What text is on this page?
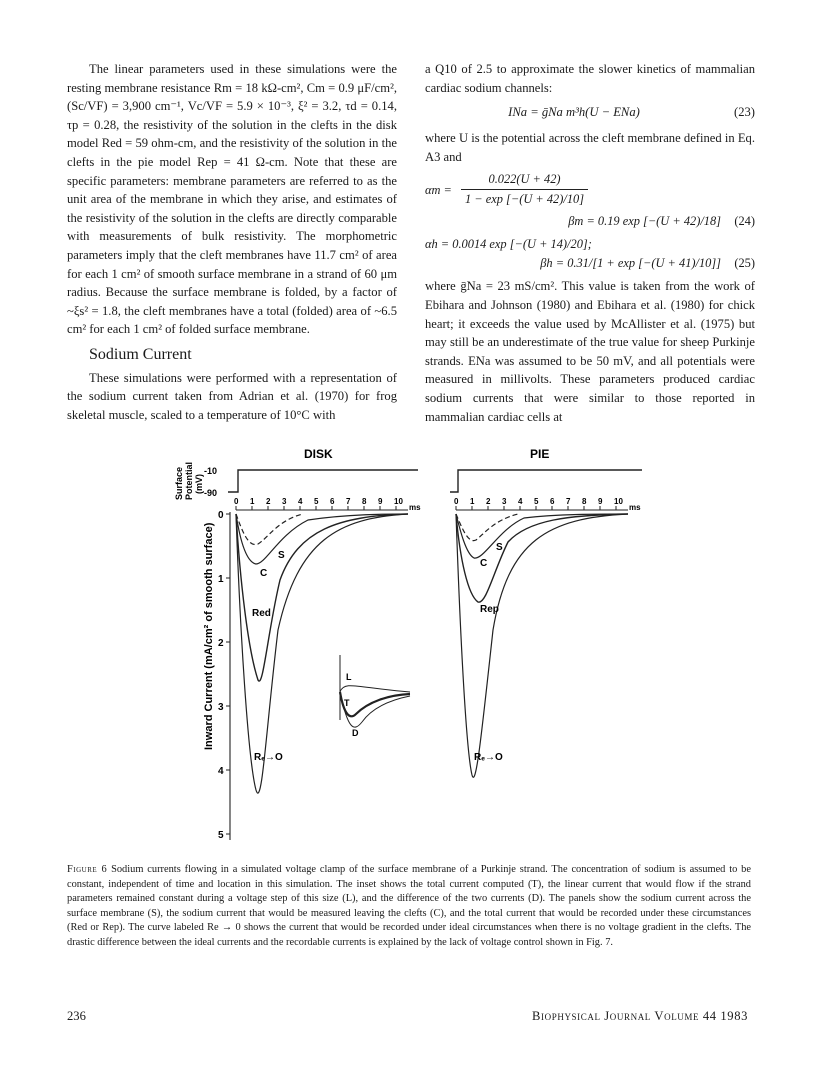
The linear parameters used in these simulations were the resting membrane resistance Rm = 18 kΩ-cm², Cm = 0.9 μF/cm², (Sc/VF) = 3,900 cm⁻¹, Vc/VF = 5.9 × 10⁻³, ξ² = 3.2, τd = 0.14, τp = 0.28, the resistivity of the solution in the clefts in the disk model Red = 59 ohm-cm, and the resistivity of the solution in the clefts in the pie model Rep = 41 Ω-cm. Note that these are specific parameters: membrane parameters are referred to as the unit area of the membrane in which they arise, and estimates of the resistivity of the solution in the clefts are directly comparable with measurements of bulk resistivity. The morphometric parameters imply that the cleft membranes have 11.7 cm² of area for each 1 cm² of smooth surface membrane in a strand of 60 μm radius. Because the surface membrane is folded, by a factor of ~ξs² = 1.8, the cleft membranes have a total (folded) area of ~6.5 cm² for each 1 cm² of folded surface membrane.

Sodium Current

These simulations were performed with a representation of the sodium current taken from Adrian et al. (1970) for frog skeletal muscle, scaled to a temperature of 10°C with

a Q10 of 2.5 to approximate the slower kinetics of mammalian cardiac sodium channels:

INa = ḡNa m³h(U − ENa)	(23)

where U is the potential across the cleft membrane defined in Eq. A3 and

$\alpha m = \frac{0.022(U + 42)}{1 - \exp [-(U + 42)/10]}$
βm = 0.19 exp [−(U + 42)/18] (24)
αh = 0.0014 exp [−(U + 14)/20];
βh = 0.31/[1 + exp [−(U + 41)/10]] (25)

where ḡNa = 23 mS/cm². This value is taken from the work of Ebihara and Johnson (1980) and Ebihara et al. (1980) for chick heart; it exceeds the value used by McAllister et al. (1975) but may still be an underestimate of the true value for sheep Purkinje strands. ENa was assumed to be 50 mV, and all potentials were measured in millivolts. These parameters produced cardiac sodium currents that were similar to those reported in mammalian cardiac cells at

DISK	PIE
Surface Potential (mV)
-10
-90
Inward Current (mA/cm² of smooth surface)
0
1
2
3
4
5
0 1 2 3 4 5 6 7 8 9 10	0 1 2 3 4 5 6 7 8 9 10
ms	ms
S
C
Red
Rₑ→O
L
T
D
S
C
Rep
Rₑ→O
Figure 6 Sodium currents flowing in a simulated voltage clamp of the surface membrane of a Purkinje strand. The concentration of sodium is assumed to be constant, independent of time and location in this simulation. The inset shows the total current computed (T), the linear current that would flow if the strand parameters remained constant during a voltage step of this size (L), and the difference of the two currents (D). The panels show the sodium current across the surface membrane (S), the sodium current that would be measured leaving the clefts (C), and the total current that would be recorded under these circumstances (Red or Rep). The curve labeled Re → 0 shows the current that would be recorded under ideal circumstances when there is no voltage gradient in the clefts. The drastic difference between the ideal currents and the recordable currents is explained by the lack of voltage control shown in Fig. 7.
236	Biophysical Journal Volume 44 1983
